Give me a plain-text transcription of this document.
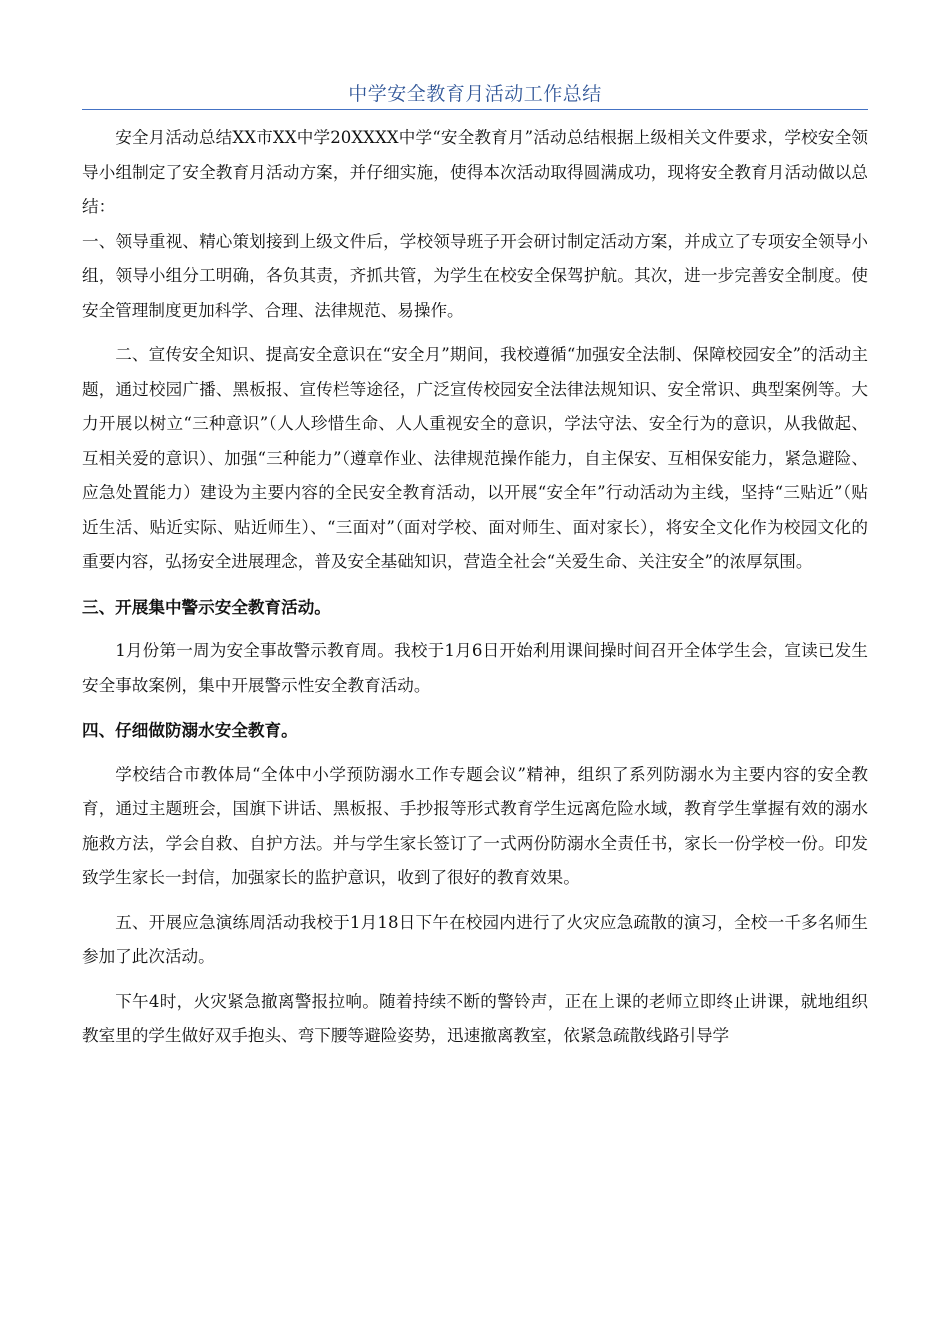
中学安全教育月活动工作总结

安全月活动总结XX市XX中学20XXXX中学“安全教育月”活动总结根据上级相关文件要求，学校安全领导小组制定了安全教育月活动方案，并仔细实施，使得本次活动取得圆满成功，现将安全教育月活动做以总结：

一、领导重视、精心策划接到上级文件后，学校领导班子开会研讨制定活动方案，并成立了专项安全领导小组，领导小组分工明确，各负其责，齐抓共管，为学生在校安全保驾护航。其次，进一步完善安全制度。使安全管理制度更加科学、合理、法律规范、易操作。

二、宣传安全知识、提高安全意识在“安全月”期间，我校遵循“加强安全法制、保障校园安全”的活动主题，通过校园广播、黑板报、宣传栏等途径，广泛宣传校园安全法律法规知识、安全常识、典型案例等。大力开展以树立“三种意识”（人人珍惜生命、人人重视安全的意识，学法守法、安全行为的意识，从我做起、互相关爱的意识）、加强“三种能力”（遵章作业、法律规范操作能力，自主保安、互相保安能力，紧急避险、应急处置能力）建设为主要内容的全民安全教育活动，以开展“安全年”行动活动为主线，坚持“三贴近”（贴近生活、贴近实际、贴近师生）、“三面对”（面对学校、面对师生、面对家长），将安全文化作为校园文化的重要内容，弘扬安全进展理念，普及安全基础知识，营造全社会“关爱生命、关注安全”的浓厚氛围。

三、开展集中警示安全教育活动。

1月份第一周为安全事故警示教育周。我校于1月6日开始利用课间操时间召开全体学生会，宣读已发生安全事故案例，集中开展警示性安全教育活动。

四、仔细做防溺水安全教育。

学校结合市教体局“全体中小学预防溺水工作专题会议”精神，组织了系列防溺水为主要内容的安全教育，通过主题班会，国旗下讲话、黑板报、手抄报等形式教育学生远离危险水域，教育学生掌握有效的溺水施救方法，学会自救、自护方法。并与学生家长签订了一式两份防溺水全责任书，家长一份学校一份。印发致学生家长一封信，加强家长的监护意识，收到了很好的教育效果。

五、开展应急演练周活动我校于1月18日下午在校园内进行了火灾应急疏散的演习，全校一千多名师生参加了此次活动。

下午4时，火灾紧急撤离警报拉响。随着持续不断的警铃声，正在上课的老师立即终止讲课，就地组织教室里的学生做好双手抱头、弯下腰等避险姿势，迅速撤离教室，依紧急疏散线路引导学
